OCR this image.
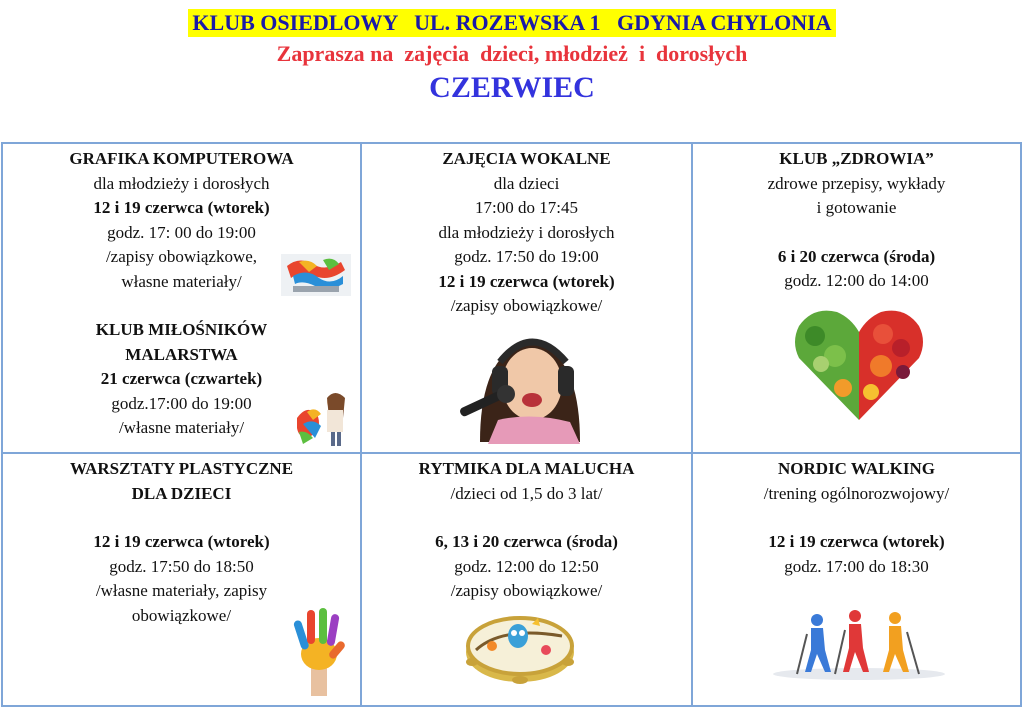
KLUB OSIEDLOWY   UL. ROZEWSKA 1   GDYNIA CHYLONIA
Zaprasza na  zajęcia  dzieci, młodzież  i  dorosłych
CZERWIEC

GRAFIKA KOMPUTEROWA

dla młodzieży i dorosłych

12 i 19 czerwca (wtorek)

godz. 17: 00 do 19:00

/zapisy obowiązkowe,

własne materiały/

KLUB MIŁOŚNIKÓW

MALARSTWA

21 czerwca (czwartek)

godz.17:00 do 19:00

/własne materiały/

ZAJĘCIA WOKALNE

dla dzieci

17:00 do 17:45

dla młodzieży i dorosłych

godz. 17:50 do 19:00

12 i 19 czerwca (wtorek)

/zapisy obowiązkowe/

KLUB „ZDROWIA”

zdrowe przepisy, wykłady

i gotowanie

6 i 20 czerwca (środa)

godz. 12:00 do 14:00

WARSZTATY PLASTYCZNE

DLA DZIECI

12 i 19 czerwca (wtorek)

godz. 17:50 do 18:50

/własne materiały, zapisy

obowiązkowe/

RYTMIKA DLA MALUCHA

/dzieci od 1,5 do 3 lat/

6, 13 i 20 czerwca (środa)

godz. 12:00 do 12:50

/zapisy obowiązkowe/

NORDIC WALKING

/trening ogólnorozwojowy/

12 i 19 czerwca (wtorek)

godz. 17:00 do 18:30
